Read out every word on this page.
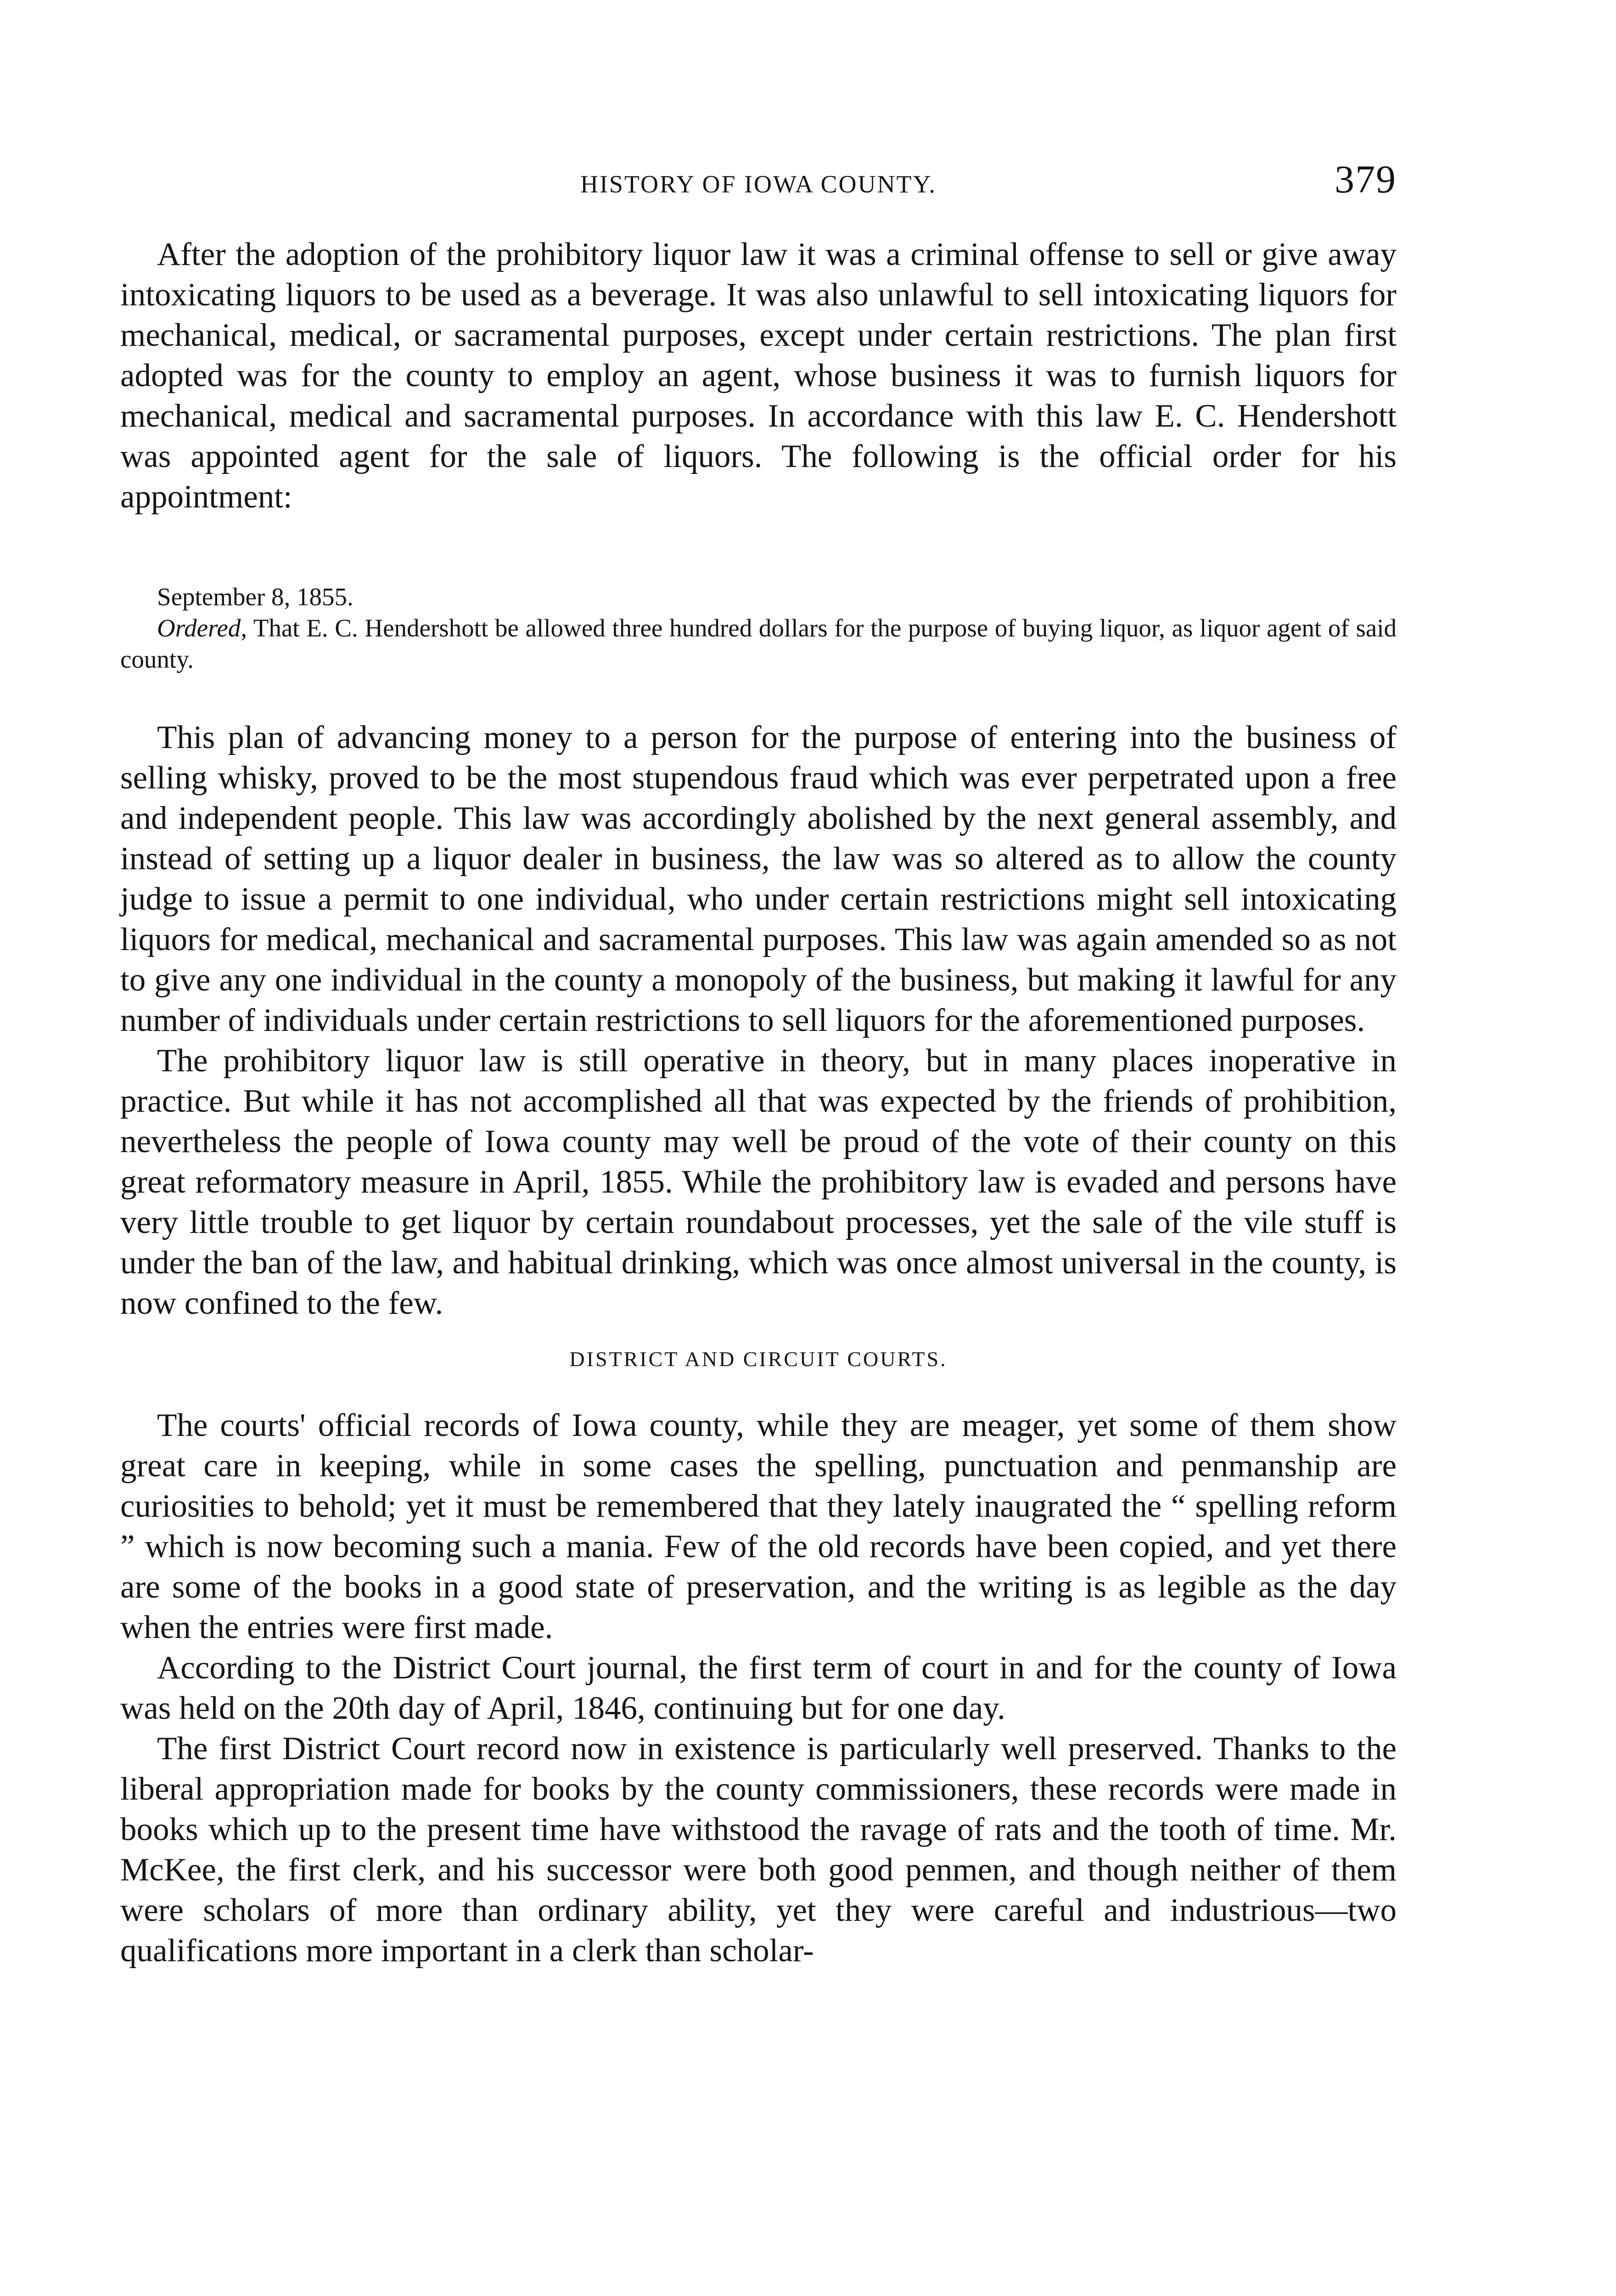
HISTORY OF IOWA COUNTY.	379

After the adoption of the prohibitory liquor law it was a criminal offense to sell or give away intoxicating liquors to be used as a beverage. It was also unlawful to sell intoxicating liquors for mechanical, medical, or sacramental purposes, except under certain restrictions. The plan first adopted was for the county to employ an agent, whose business it was to furnish liquors for mechanical, medical and sacramental purposes. In accordance with this law E. C. Hendershott was appointed agent for the sale of liquors. The following is the official order for his appointment:

September 8, 1855.

Ordered, That E. C. Hendershott be allowed three hundred dollars for the purpose of buying liquor, as liquor agent of said county.

This plan of advancing money to a person for the purpose of entering into the business of selling whisky, proved to be the most stupendous fraud which was ever perpetrated upon a free and independent people. This law was accordingly abolished by the next general assembly, and instead of setting up a liquor dealer in business, the law was so altered as to allow the county judge to issue a permit to one individual, who under certain restrictions might sell intoxicating liquors for medical, mechanical and sacramental purposes. This law was again amended so as not to give any one individual in the county a monopoly of the business, but making it lawful for any number of individuals under certain restrictions to sell liquors for the aforementioned purposes.

The prohibitory liquor law is still operative in theory, but in many places inoperative in practice. But while it has not accomplished all that was expected by the friends of prohibition, nevertheless the people of Iowa county may well be proud of the vote of their county on this great reformatory measure in April, 1855. While the prohibitory law is evaded and persons have very little trouble to get liquor by certain roundabout processes, yet the sale of the vile stuff is under the ban of the law, and habitual drinking, which was once almost universal in the county, is now confined to the few.

DISTRICT AND CIRCUIT COURTS.

The courts' official records of Iowa county, while they are meager, yet some of them show great care in keeping, while in some cases the spelling, punctuation and penmanship are curiosities to behold; yet it must be remembered that they lately inaugrated the “ spelling reform ” which is now becoming such a mania. Few of the old records have been copied, and yet there are some of the books in a good state of preservation, and the writing is as legible as the day when the entries were first made.

According to the District Court journal, the first term of court in and for the county of Iowa was held on the 20th day of April, 1846, continuing but for one day.

The first District Court record now in existence is particularly well preserved. Thanks to the liberal appropriation made for books by the county commissioners, these records were made in books which up to the present time have withstood the ravage of rats and the tooth of time. Mr. McKee, the first clerk, and his successor were both good penmen, and though neither of them were scholars of more than ordinary ability, yet they were careful and industrious—two qualifications more important in a clerk than scholar-
